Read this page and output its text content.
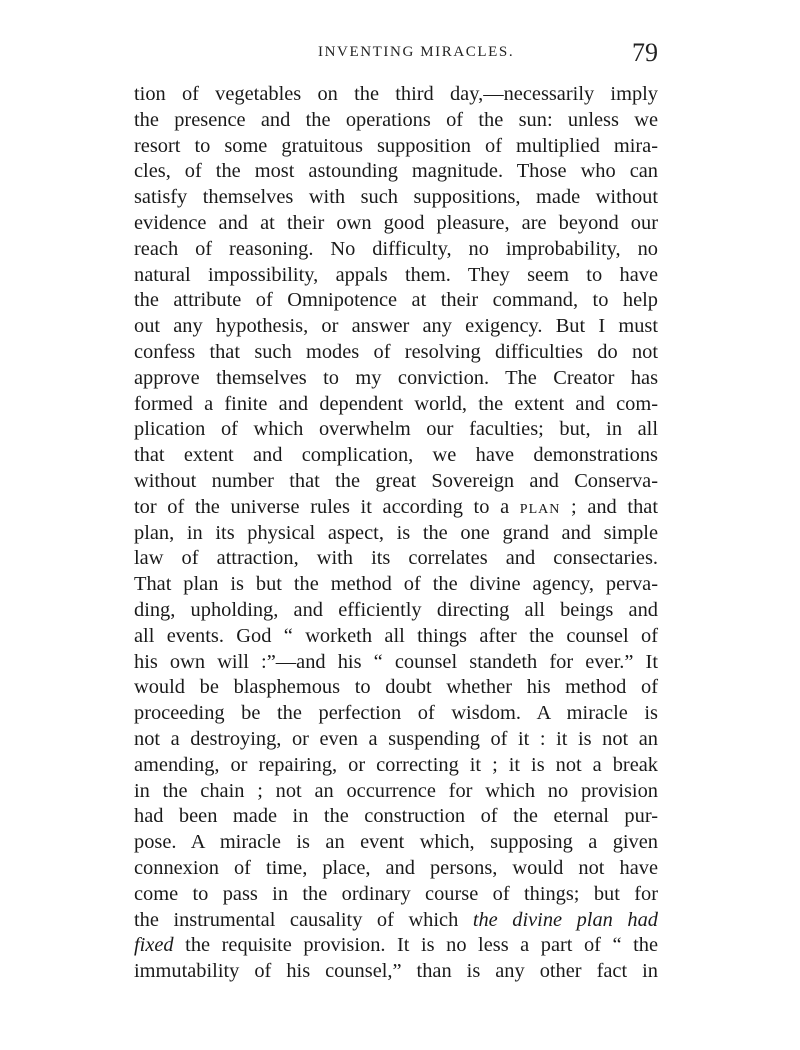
INVENTING MIRACLES.	79
tion of vegetables on the third day,—necessarily imply
the presence and the operations of the sun: unless we
resort to some gratuitous supposition of multiplied mira-
cles, of the most astounding magnitude. Those who can
satisfy themselves with such suppositions, made without
evidence and at their own good pleasure, are beyond our
reach of reasoning. No difficulty, no improbability, no
natural impossibility, appals them. They seem to have
the attribute of Omnipotence at their command, to help
out any hypothesis, or answer any exigency. But I must
confess that such modes of resolving difficulties do not
approve themselves to my conviction. The Creator has
formed a finite and dependent world, the extent and com-
plication of which overwhelm our faculties; but, in all
that extent and complication, we have demonstrations
without number that the great Sovereign and Conserva-
tor of the universe rules it according to a PLAN ; and that
plan, in its physical aspect, is the one grand and simple
law of attraction, with its correlates and consectaries.
That plan is but the method of the divine agency, perva-
ding, upholding, and efficiently directing all beings and
all events. God “ worketh all things after the counsel of
his own will :”—and his “ counsel standeth for ever.” It
would be blasphemous to doubt whether his method of
proceeding be the perfection of wisdom. A miracle is
not a destroying, or even a suspending of it : it is not an
amending, or repairing, or correcting it ; it is not a break
in the chain ; not an occurrence for which no provision
had been made in the construction of the eternal pur-
pose. A miracle is an event which, supposing a given
connexion of time, place, and persons, would not have
come to pass in the ordinary course of things; but for
the instrumental causality of which the divine plan had
fixed the requisite provision. It is no less a part of “ the
immutability of his counsel,” than is any other fact in
